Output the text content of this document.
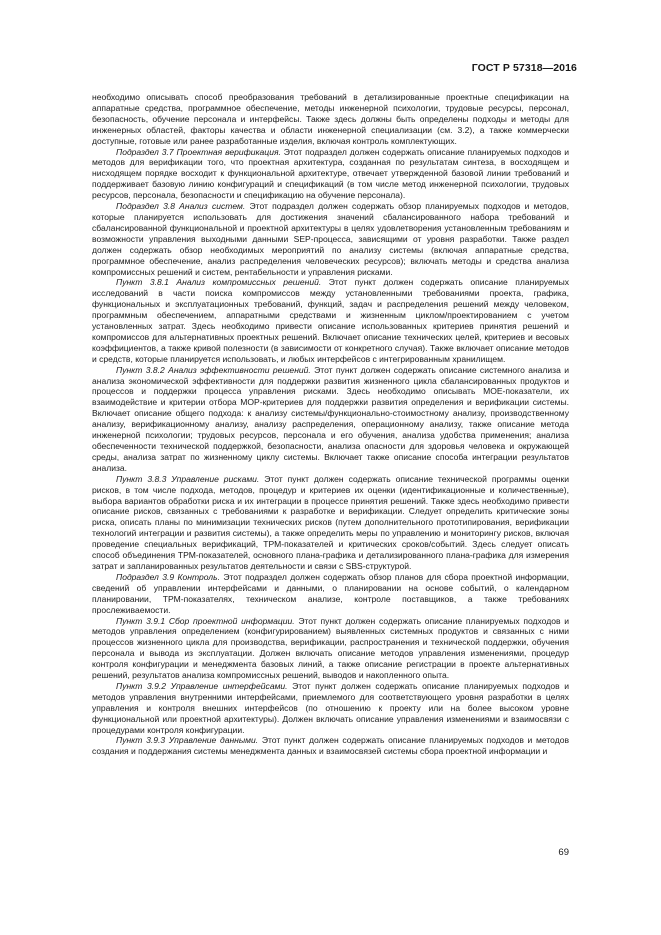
ГОСТ Р 57318—2016

необходимо описывать способ преобразования требований в детализированные проектные спецификации на аппаратные средства, программное обеспечение, методы инженерной психологии, трудовые ресурсы, персонал, безопасность, обучение персонала и интерфейсы. Также здесь должны быть определены подходы и методы для инженерных областей, факторы качества и области инженерной специализации (см. 3.2), а также коммерчески доступные, готовые или ранее разработанные изделия, включая контроль комплектующих.

Подраздел 3.7 Проектная верификация. Этот подраздел должен содержать описание планируемых подходов и методов для верификации того, что проектная архитектура, созданная по результатам синтеза, в восходящем и нисходящем порядке восходит к функциональной архитектуре, отвечает утвержденной базовой линии требований и поддерживает базовую линию конфигураций и спецификаций (в том числе метод инженерной психологии, трудовых ресурсов, персонала, безопасности и спецификацию на обучение персонала).

Подраздел 3.8 Анализ систем. Этот подраздел должен содержать обзор планируемых подходов и методов, которые планируется использовать для достижения значений сбалансированного набора требований и сбалансированной функциональной и проектной архитектуры в целях удовлетворения установленным требованиям и возможности управления выходными данными SEP-процесса, зависящими от уровня разработки. Также раздел должен содержать обзор необходимых мероприятий по анализу системы (включая аппаратные средства, программное обеспечение, анализ распределения человеческих ресурсов); включать методы и средства анализа компромиссных решений и систем, рентабельности и управления рисками.

Пункт 3.8.1 Анализ компромиссных решений. Этот пункт должен содержать описание планируемых исследований в части поиска компромиссов между установленными требованиями проекта, графика, функциональных и эксплуатационных требований, функций, задач и распределения решений между человеком, программным обеспечением, аппаратными средствами и жизненным циклом/проектированием с учетом установленных затрат. Здесь необходимо привести описание использованных критериев принятия решений и компромиссов для альтернативных проектных решений. Включает описание технических целей, критериев и весовых коэффициентов, а также кривой полезности (в зависимости от конкретного случая). Также включает описание методов и средств, которые планируется использовать, и любых интерфейсов с интегрированным хранилищем.

Пункт 3.8.2 Анализ эффективности решений. Этот пункт должен содержать описание системного анализа и анализа экономической эффективности для поддержки развития жизненного цикла сбалансированных продуктов и процессов и поддержки процесса управления рисками. Здесь необходимо описывать МОЕ-показатели, их взаимодействие и критерии отбора МОР-критериев для поддержки развития определения и верификации системы. Включает описание общего подхода: к анализу системы/функционально-стоимостному анализу, производственному анализу, верификационному анализу, анализу распределения, операционному анализу, также описание метода инженерной психологии; трудовых ресурсов, персонала и его обучения, анализа удобства применения; анализа обеспеченности технической поддержкой, безопасности, анализа опасности для здоровья человека и окружающей среды, анализа затрат по жизненному циклу системы. Включает также описание способа интеграции результатов анализа.

Пункт 3.8.3 Управление рисками. Этот пункт должен содержать описание технической программы оценки рисков, в том числе подхода, методов, процедур и критериев их оценки (идентификационные и количественные), выбора вариантов обработки риска и их интеграции в процессе принятия решений. Также здесь необходимо привести описание рисков, связанных с требованиями к разработке и верификации. Следует определить критические зоны риска, описать планы по минимизации технических рисков (путем дополнительного прототипирования, верификации технологий интеграции и развития системы), а также определить меры по управлению и мониторингу рисков, включая проведение специальных верификаций, ТРМ-показателей и критических сроков/событий. Здесь следует описать способ объединения ТРМ-показателей, основного плана-графика и детализированного плана-графика для измерения затрат и запланированных результатов деятельности и связи с SBS-структурой.

Подраздел 3.9 Контроль. Этот подраздел должен содержать обзор планов для сбора проектной информации, сведений об управлении интерфейсами и данными, о планировании на основе событий, о календарном планировании, ТРМ-показателях, техническом анализе, контроле поставщиков, а также требованиях прослеживаемости.

Пункт 3.9.1 Сбор проектной информации. Этот пункт должен содержать описание планируемых подходов и методов управления определением (конфигурированием) выявленных системных продуктов и связанных с ними процессов жизненного цикла для производства, верификации, распространения и технической поддержки, обучения персонала и вывода из эксплуатации. Должен включать описание методов управления изменениями, процедур контроля конфигурации и менеджмента базовых линий, а также описание регистрации в проекте альтернативных решений, результатов анализа компромиссных решений, выводов и накопленного опыта.

Пункт 3.9.2 Управление интерфейсами. Этот пункт должен содержать описание планируемых подходов и методов управления внутренними интерфейсами, приемлемого для соответствующего уровня разработки в целях управления и контроля внешних интерфейсов (по отношению к проекту или на более высоком уровне функциональной или проектной архитектуры). Должен включать описание управления изменениями и взаимосвязи с процедурами контроля конфигурации.

Пункт 3.9.3 Управление данными. Этот пункт должен содержать описание планируемых подходов и методов создания и поддержания системы менеджмента данных и взаимосвязей системы сбора проектной информации и

69
